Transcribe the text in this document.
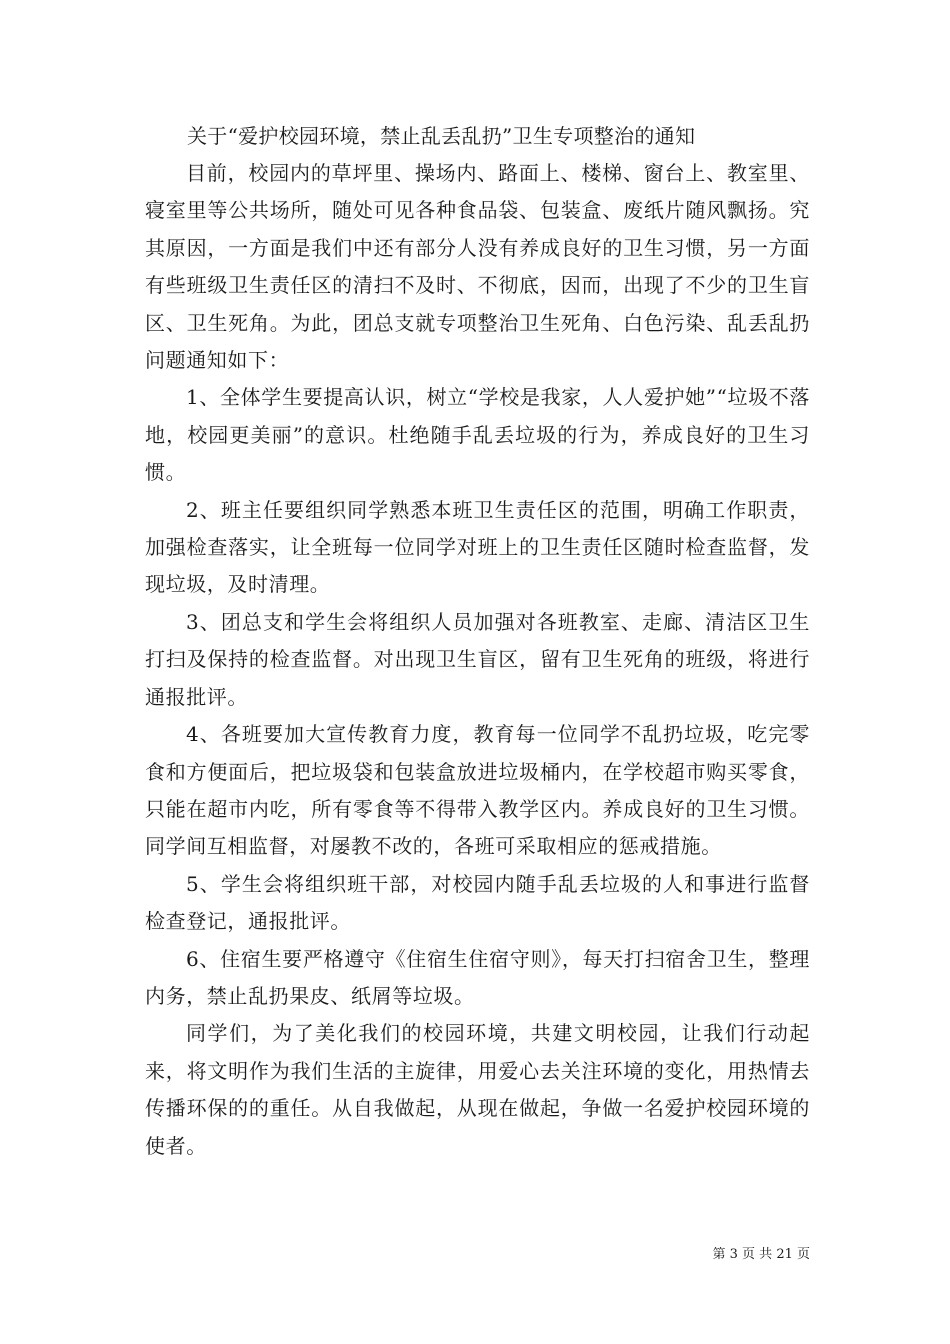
关于“爱护校园环境，禁止乱丢乱扔”卫生专项整治的通知

目前，校园内的草坪里、操场内、路面上、楼梯、窗台上、教室里、寝室里等公共场所，随处可见各种食品袋、包装盒、废纸片随风飘扬。究其原因，一方面是我们中还有部分人没有养成良好的卫生习惯，另一方面有些班级卫生责任区的清扫不及时、不彻底，因而，出现了不少的卫生盲区、卫生死角。为此，团总支就专项整治卫生死角、白色污染、乱丢乱扔问题通知如下：

1、全体学生要提高认识，树立“学校是我家，人人爱护她”“垃圾不落地，校园更美丽”的意识。杜绝随手乱丢垃圾的行为，养成良好的卫生习惯。

2、班主任要组织同学熟悉本班卫生责任区的范围，明确工作职责，加强检查落实，让全班每一位同学对班上的卫生责任区随时检查监督，发现垃圾，及时清理。

3、团总支和学生会将组织人员加强对各班教室、走廊、清洁区卫生打扫及保持的检查监督。对出现卫生盲区，留有卫生死角的班级，将进行通报批评。

4、各班要加大宣传教育力度，教育每一位同学不乱扔垃圾，吃完零食和方便面后，把垃圾袋和包装盒放进垃圾桶内，在学校超市购买零食，只能在超市内吃，所有零食等不得带入教学区内。养成良好的卫生习惯。同学间互相监督，对屡教不改的，各班可采取相应的惩戒措施。

5、学生会将组织班干部，对校园内随手乱丢垃圾的人和事进行监督检查登记，通报批评。

6、住宿生要严格遵守《住宿生住宿守则》，每天打扫宿舍卫生，整理内务，禁止乱扔果皮、纸屑等垃圾。

同学们，为了美化我们的校园环境，共建文明校园，让我们行动起来，将文明作为我们生活的主旋律，用爱心去关注环境的变化，用热情去传播环保的的重任。从自我做起，从现在做起，争做一名爱护校园环境的使者。

第 3 页 共 21 页
